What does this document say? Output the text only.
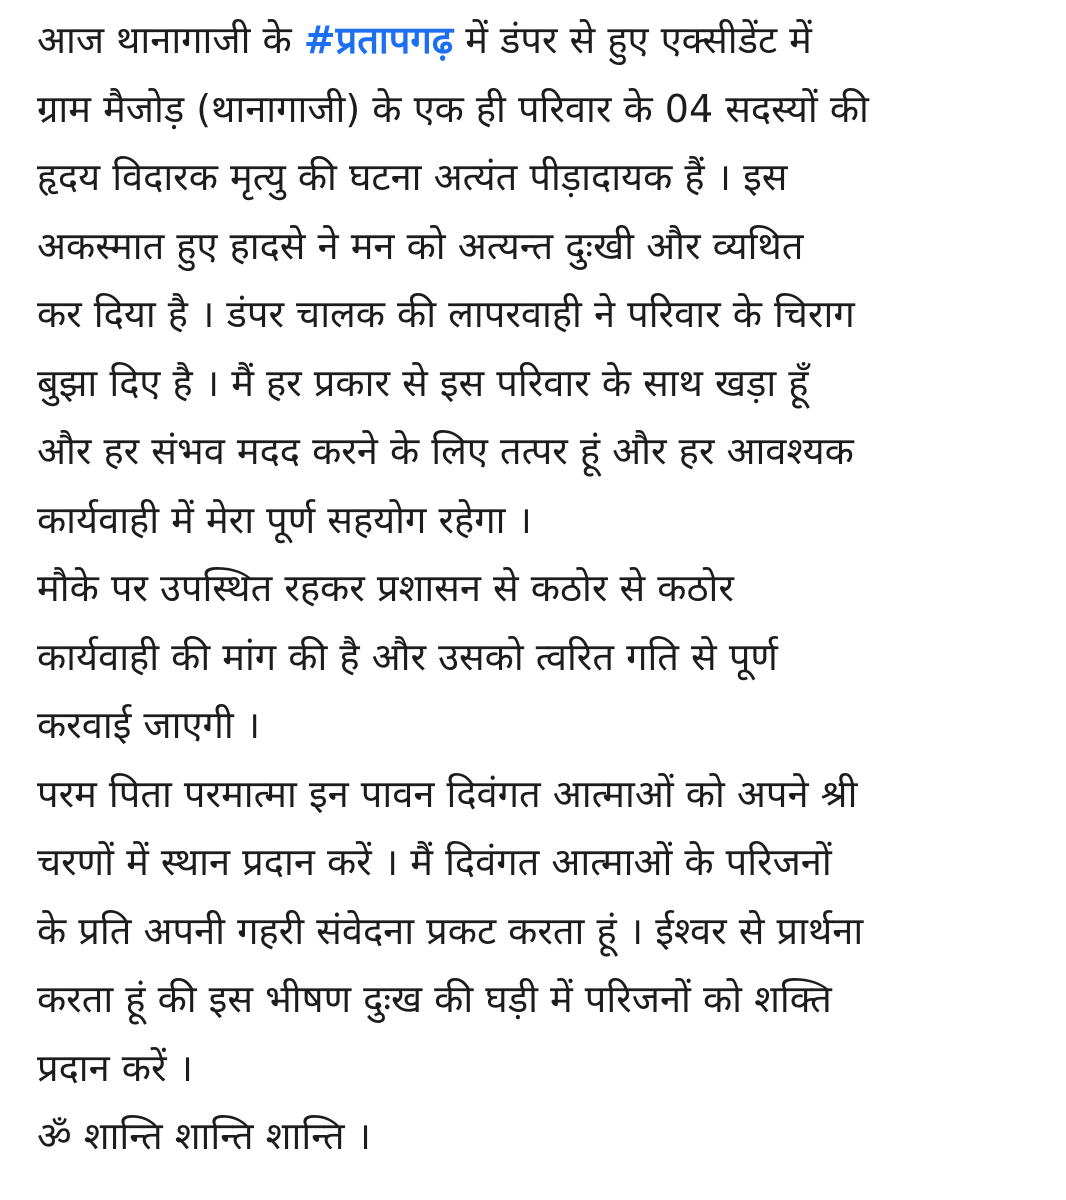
आज थानागाजी के #प्रतापगढ़ में डंपर से हुए एक्सीडेंट में
ग्राम मैजोड़ (थानागाजी) के एक ही परिवार के 04 सदस्यों की
हृदय विदारक मृत्यु की घटना अत्यंत पीड़ादायक हैं । इस
अकस्मात हुए हादसे ने मन को अत्यन्त दुःखी और व्यथित
कर दिया है । डंपर चालक की लापरवाही ने परिवार के चिराग
बुझा दिए है । मैं हर प्रकार से इस परिवार के साथ खड़ा हूँ
और हर संभव मदद करने के लिए तत्पर हूं और हर आवश्यक
कार्यवाही में मेरा पूर्ण सहयोग रहेगा ।
मौके पर उपस्थित रहकर प्रशासन से कठोर से कठोर
कार्यवाही की मांग की है और उसको त्वरित गति से पूर्ण
करवाई जाएगी ।
परम पिता परमात्मा इन पावन दिवंगत आत्माओं को अपने श्री
चरणों में स्थान प्रदान करें । मैं दिवंगत आत्माओं के परिजनों
के प्रति अपनी गहरी संवेदना प्रकट करता हूं । ईश्वर से प्रार्थना
करता हूं की इस भीषण दुःख की घड़ी में परिजनों को शक्ति
प्रदान करें ।
ॐ शान्ति शान्ति शान्ति ।
